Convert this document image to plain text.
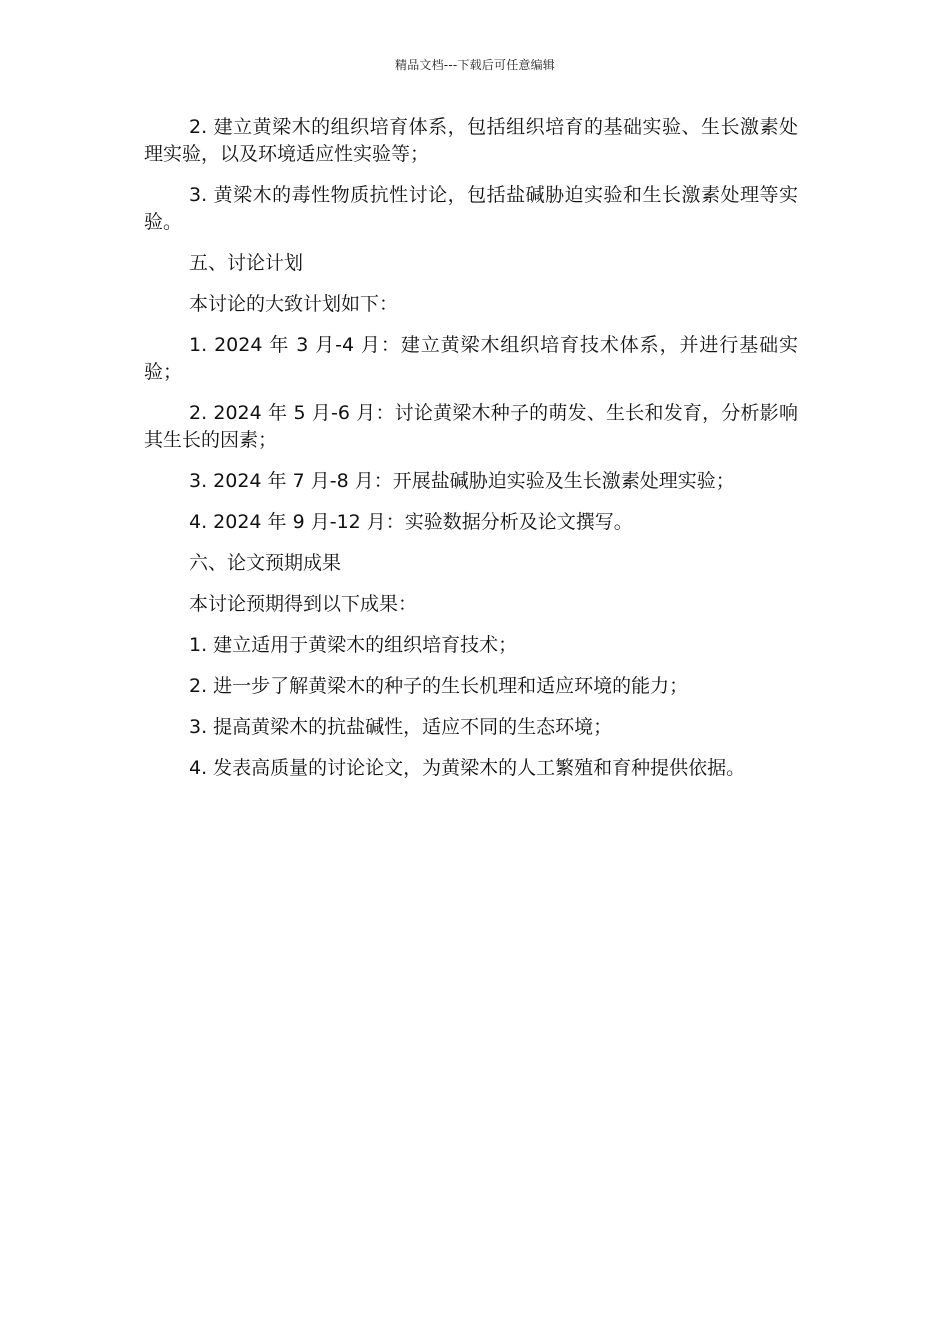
精品文档---下载后可任意编辑

2. 建立黄梁木的组织培育体系，包括组织培育的基础实验、生长激素处理实验，以及环境适应性实验等；

3. 黄梁木的毒性物质抗性讨论，包括盐碱胁迫实验和生长激素处理等实验。

五、讨论计划

本讨论的大致计划如下：

1. 2024 年 3 月-4 月：建立黄梁木组织培育技术体系，并进行基础实验；

2. 2024 年 5 月-6 月：讨论黄梁木种子的萌发、生长和发育，分析影响其生长的因素；

3. 2024 年 7 月-8 月：开展盐碱胁迫实验及生长激素处理实验；

4. 2024 年 9 月-12 月：实验数据分析及论文撰写。

六、论文预期成果

本讨论预期得到以下成果：

1. 建立适用于黄梁木的组织培育技术；

2. 进一步了解黄梁木的种子的生长机理和适应环境的能力；

3. 提高黄梁木的抗盐碱性，适应不同的生态环境；

4. 发表高质量的讨论论文，为黄梁木的人工繁殖和育种提供依据。
